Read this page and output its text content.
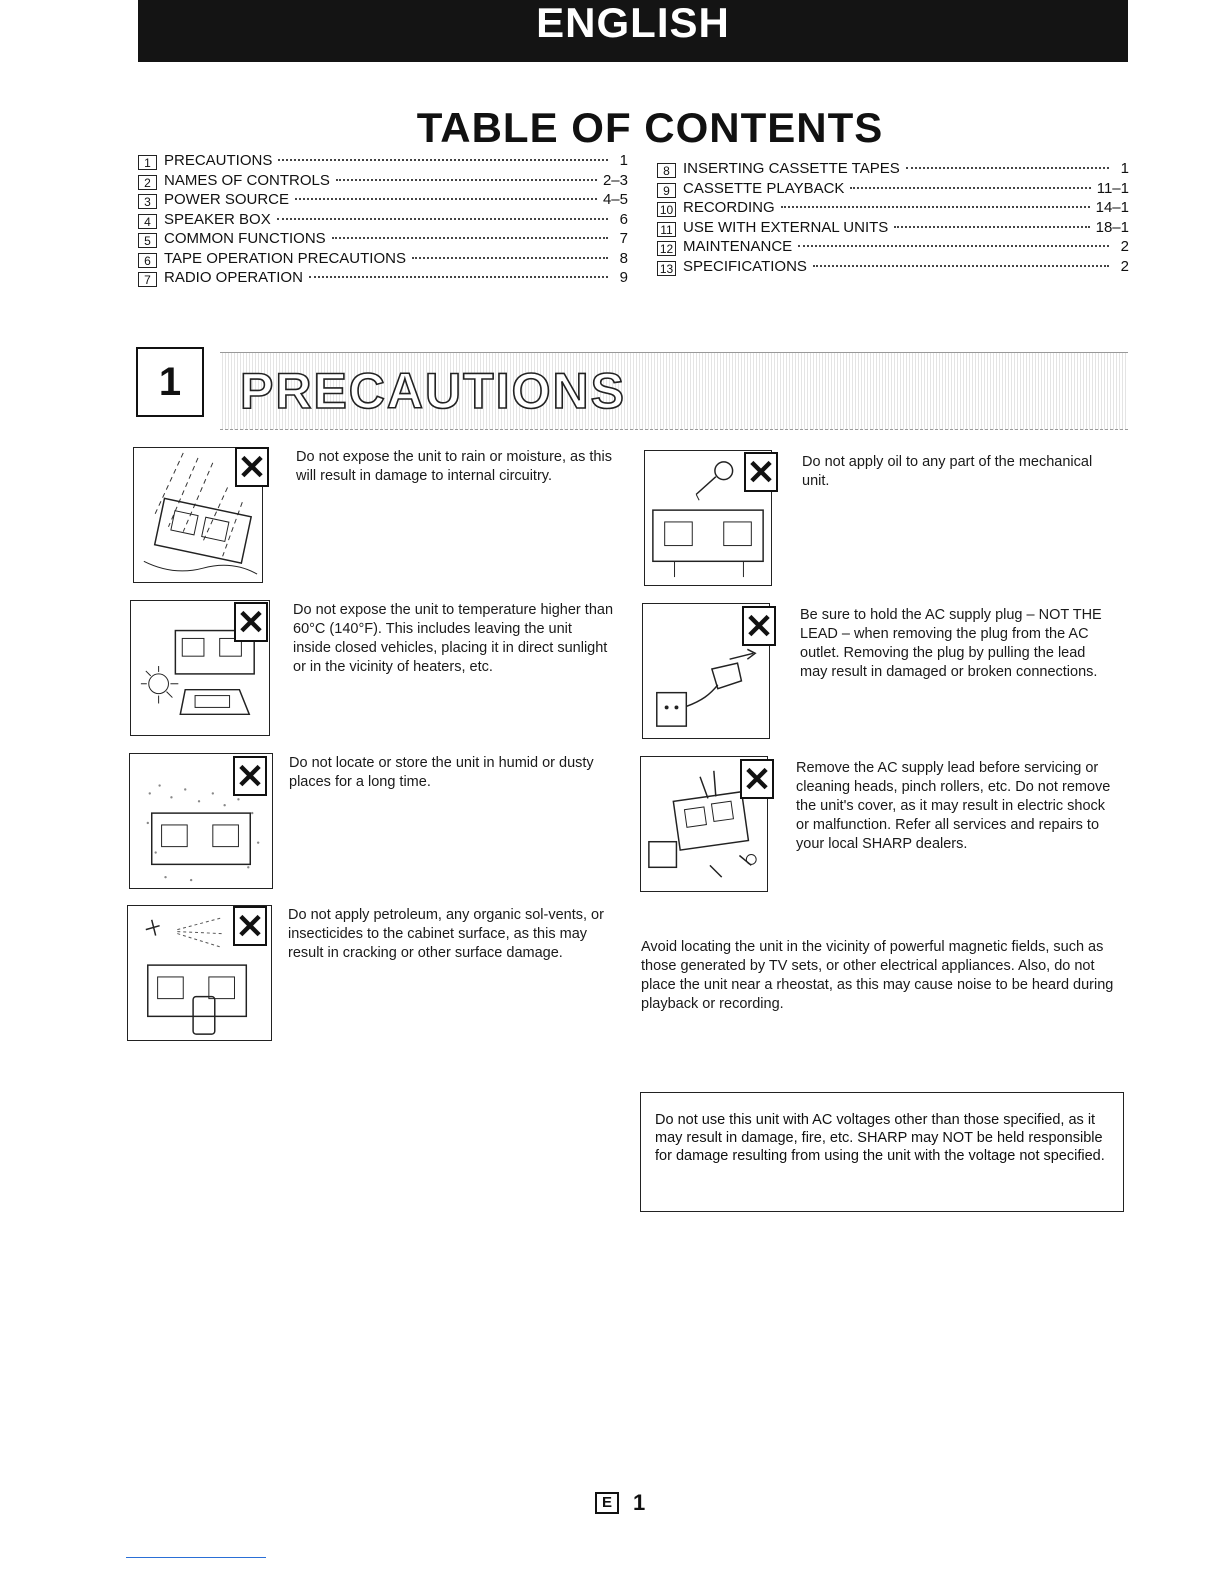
ENGLISH
TABLE OF CONTENTS
1 PRECAUTIONS	1
2 NAMES OF CONTROLS	2–3
3 POWER SOURCE	4–5
4 SPEAKER BOX	6
5 COMMON FUNCTIONS	7
6 TAPE OPERATION PRECAUTIONS	8
7 RADIO OPERATION	9
8 INSERTING CASSETTE TAPES	1
9 CASSETTE PLAYBACK	11–1
10 RECORDING	14–1
11 USE WITH EXTERNAL UNITS	18–1
12 MAINTENANCE	2
13 SPECIFICATIONS	2
1	PRECAUTIONS
✕ Do not expose the unit to rain or moisture, as this will result in damage to internal circuitry.
✕ Do not expose the unit to temperature higher than 60°C (140°F). This includes leaving the unit inside closed vehicles, placing it in direct sunlight or in the vicinity of heaters, etc.
✕ Do not locate or store the unit in humid or dusty places for a long time.
✕ Do not apply petroleum, any organic sol-vents, or insecticides to the cabinet surface, as this may result in cracking or other surface damage.
✕ Do not apply oil to any part of the mechanical unit.
✕ Be sure to hold the AC supply plug – NOT THE LEAD – when removing the plug from the AC outlet. Removing the plug by pulling the lead may result in damaged or broken connections.
✕ Remove the AC supply lead before servicing or cleaning heads, pinch rollers, etc. Do not remove the unit's cover, as it may result in electric shock or malfunction. Refer all services and repairs to your local SHARP dealers.
Avoid locating the unit in the vicinity of powerful magnetic fields, such as those generated by TV sets, or other electrical appliances. Also, do not place the unit near a rheostat, as this may cause noise to be heard during playback or recording.
Do not use this unit with AC voltages other than those specified, as it may result in damage, fire, etc. SHARP may NOT be held responsible for damage resulting from using the unit with the voltage not specified.
E 1
